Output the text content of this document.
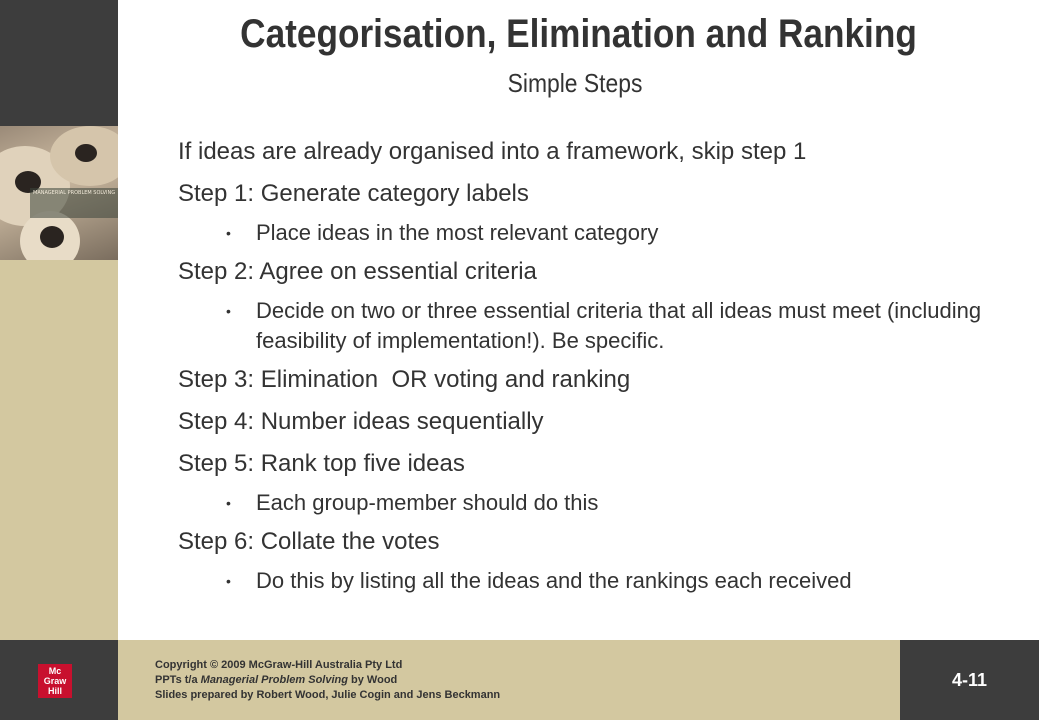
MANAGERIAL PROBLEM SOLVING
Categorisation, Elimination and Ranking
Simple Steps
If ideas are already organised into a framework, skip step 1
Step 1: Generate category labels
• Place ideas in the most relevant category
Step 2: Agree on essential criteria
• Decide on two or three essential criteria that all ideas must meet (including feasibility of implementation!). Be specific.
Step 3: Elimination  OR voting and ranking
Step 4: Number ideas sequentially
Step 5: Rank top five ideas
• Each group-member should do this
Step 6: Collate the votes
• Do this by listing all the ideas and the rankings each received
Mc
Graw
Hill
Copyright © 2009 McGraw-Hill Australia Pty Ltd
PPTs t/a Managerial Problem Solving by Wood
Slides prepared by Robert Wood, Julie Cogin and Jens Beckmann
4-11
